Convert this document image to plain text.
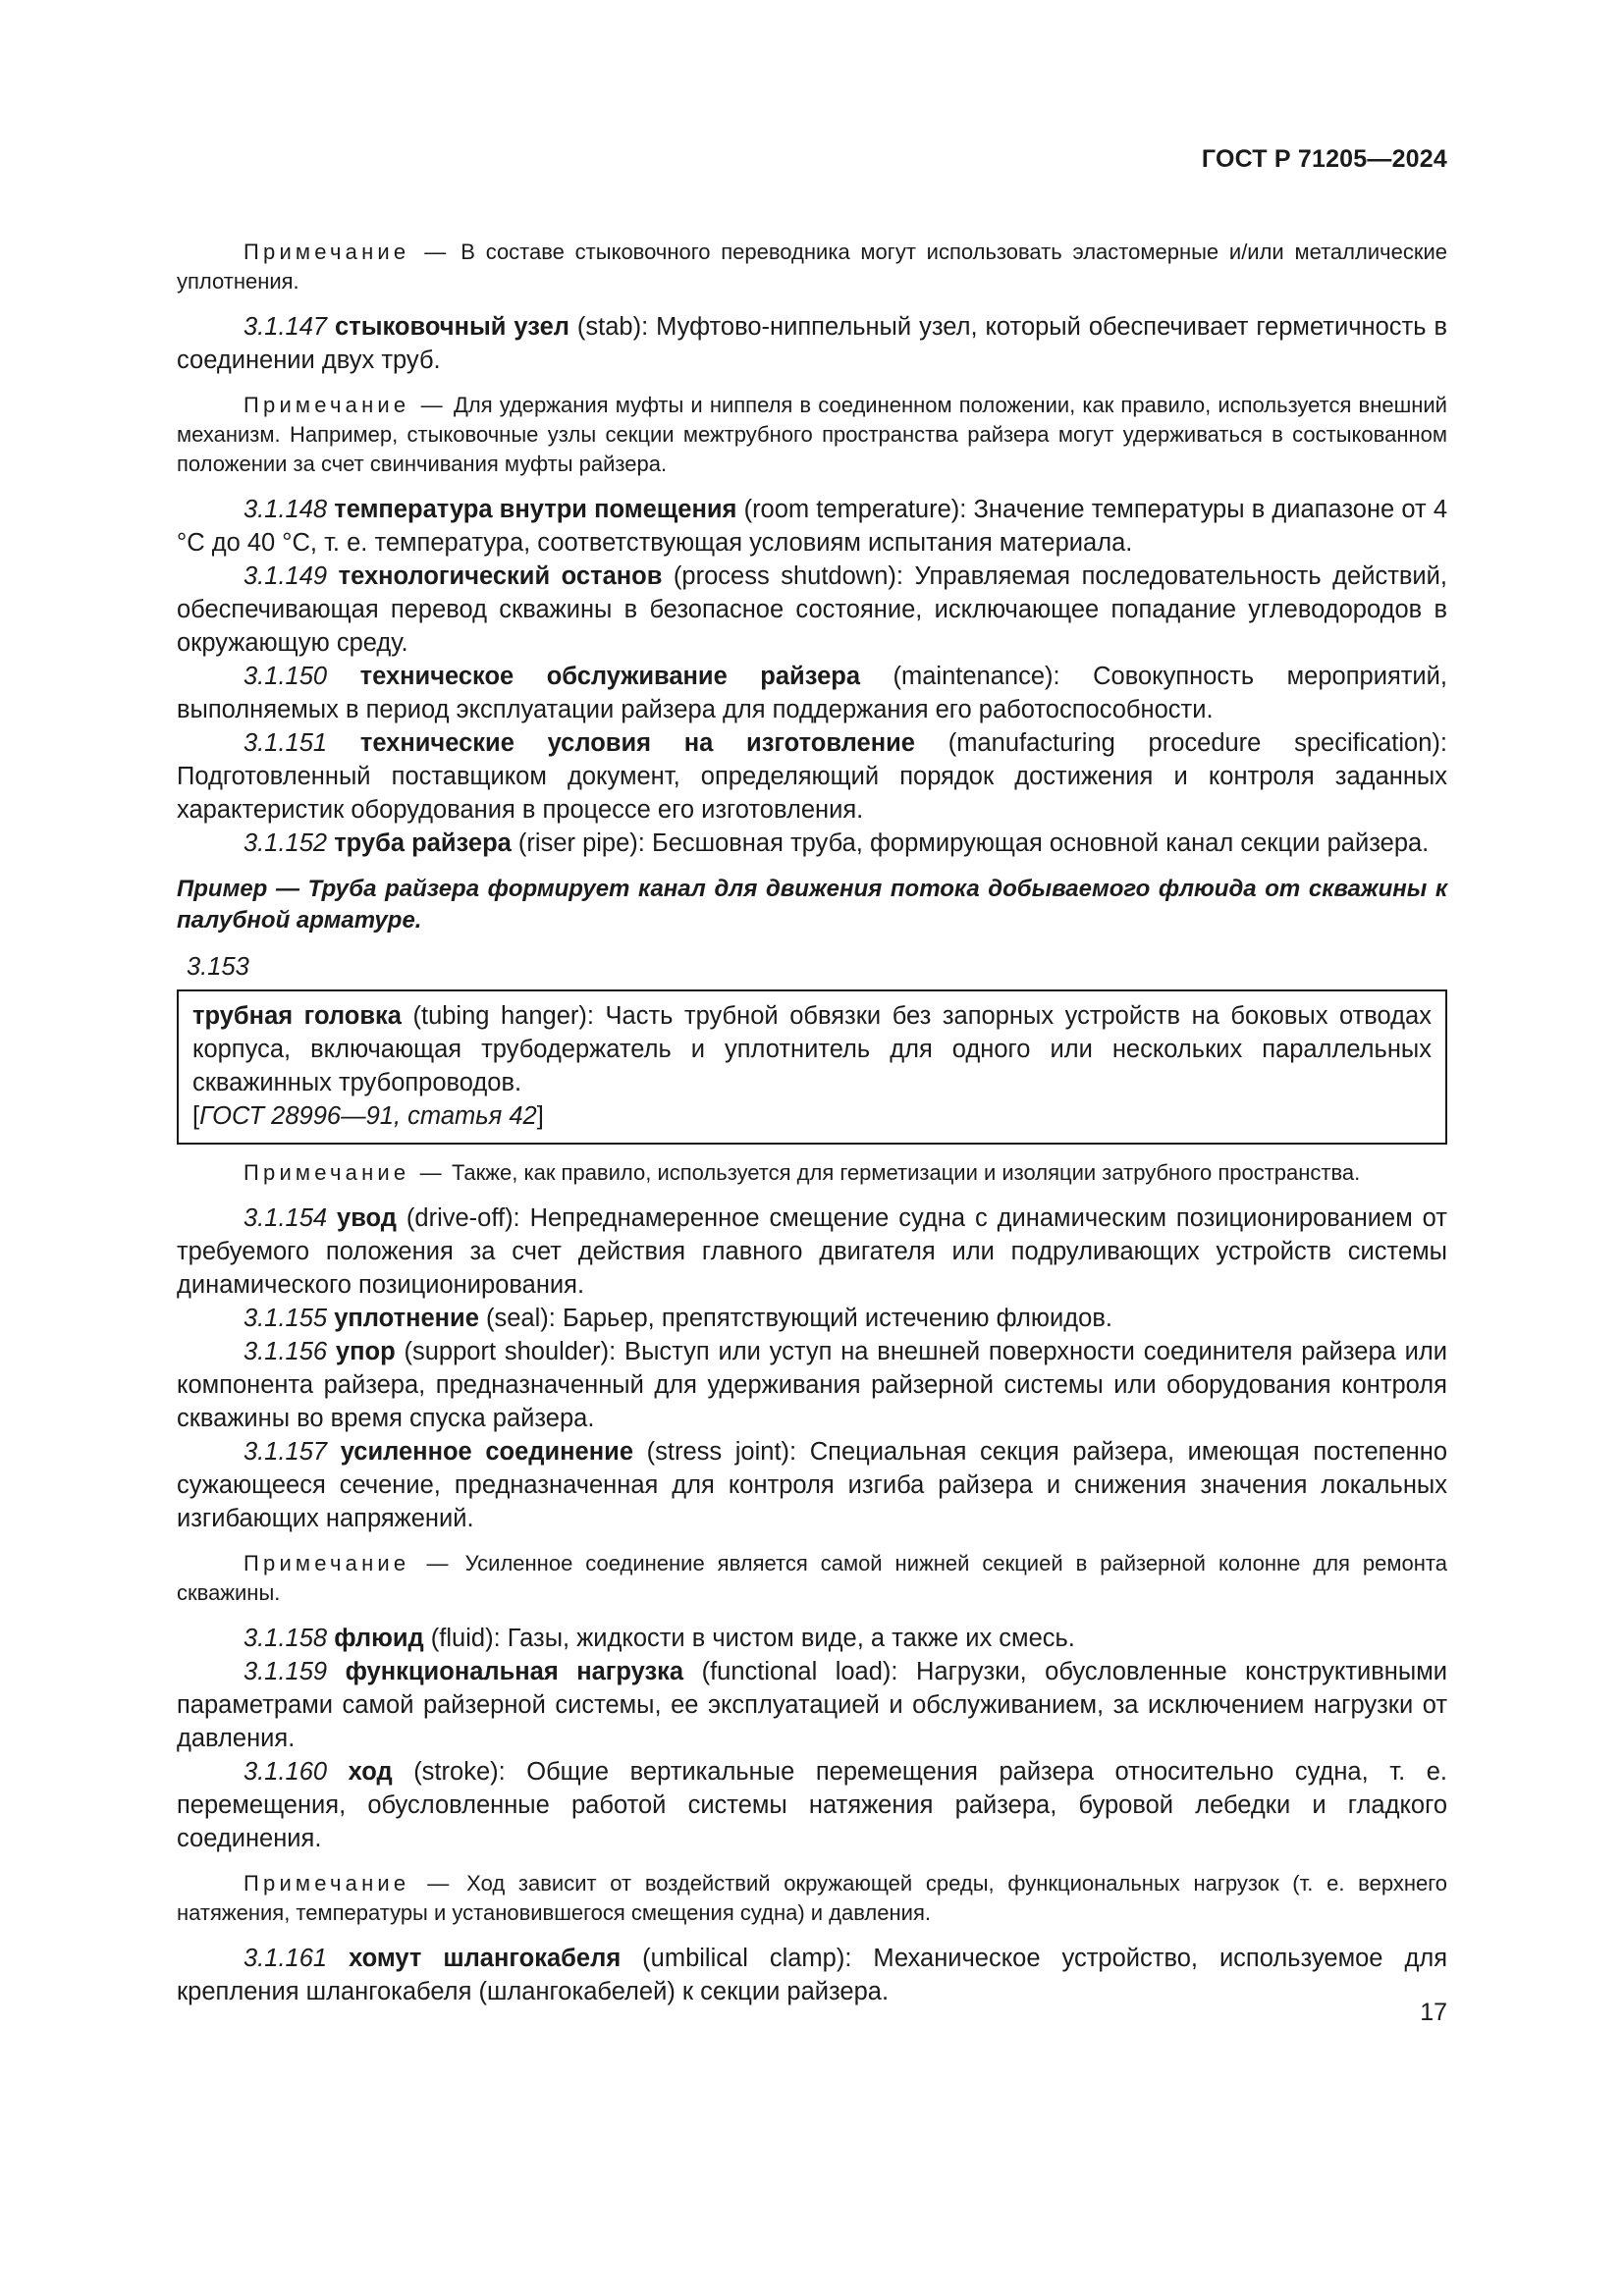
ГОСТ Р 71205—2024

Примечание — В составе стыковочного переводника могут использовать эластомерные и/или металлические уплотнения.

3.1.147 стыковочный узел (stab): Муфтово-ниппельный узел, который обеспечивает герметичность в соединении двух труб.

Примечание — Для удержания муфты и ниппеля в соединенном положении, как правило, используется внешний механизм. Например, стыковочные узлы секции межтрубного пространства райзера могут удерживаться в состыкованном положении за счет свинчивания муфты райзера.

3.1.148 температура внутри помещения (room temperature): Значение температуры в диапазоне от 4 °C до 40 °C, т. е. температура, соответствующая условиям испытания материала.

3.1.149 технологический останов (process shutdown): Управляемая последовательность действий, обеспечивающая перевод скважины в безопасное состояние, исключающее попадание углеводородов в окружающую среду.

3.1.150 техническое обслуживание райзера (maintenance): Совокупность мероприятий, выполняемых в период эксплуатации райзера для поддержания его работоспособности.

3.1.151 технические условия на изготовление (manufacturing procedure specification): Подготовленный поставщиком документ, определяющий порядок достижения и контроля заданных характеристик оборудования в процессе его изготовления.

3.1.152 труба райзера (riser pipe): Бесшовная труба, формирующая основной канал секции райзера.

Пример — Труба райзера формирует канал для движения потока добываемого флюида от скважины к палубной арматуре.

3.153

трубная головка (tubing hanger): Часть трубной обвязки без запорных устройств на боковых отводах корпуса, включающая трубодержатель и уплотнитель для одного или нескольких параллельных скважинных трубопроводов.

[ГОСТ 28996—91, статья 42]

Примечание — Также, как правило, используется для герметизации и изоляции затрубного пространства.

3.1.154 увод (drive-off): Непреднамеренное смещение судна с динамическим позиционированием от требуемого положения за счет действия главного двигателя или подруливающих устройств системы динамического позиционирования.

3.1.155 уплотнение (seal): Барьер, препятствующий истечению флюидов.

3.1.156 упор (support shoulder): Выступ или уступ на внешней поверхности соединителя райзера или компонента райзера, предназначенный для удерживания райзерной системы или оборудования контроля скважины во время спуска райзера.

3.1.157 усиленное соединение (stress joint): Специальная секция райзера, имеющая постепенно сужающееся сечение, предназначенная для контроля изгиба райзера и снижения значения локальных изгибающих напряжений.

Примечание — Усиленное соединение является самой нижней секцией в райзерной колонне для ремонта скважины.

3.1.158 флюид (fluid): Газы, жидкости в чистом виде, а также их смесь.

3.1.159 функциональная нагрузка (functional load): Нагрузки, обусловленные конструктивными параметрами самой райзерной системы, ее эксплуатацией и обслуживанием, за исключением нагрузки от давления.

3.1.160 ход (stroke): Общие вертикальные перемещения райзера относительно судна, т. е. перемещения, обусловленные работой системы натяжения райзера, буровой лебедки и гладкого соединения.

Примечание — Ход зависит от воздействий окружающей среды, функциональных нагрузок (т. е. верхнего натяжения, температуры и установившегося смещения судна) и давления.

3.1.161 хомут шлангокабеля (umbilical clamp): Механическое устройство, используемое для крепления шлангокабеля (шлангокабелей) к секции райзера.

17
